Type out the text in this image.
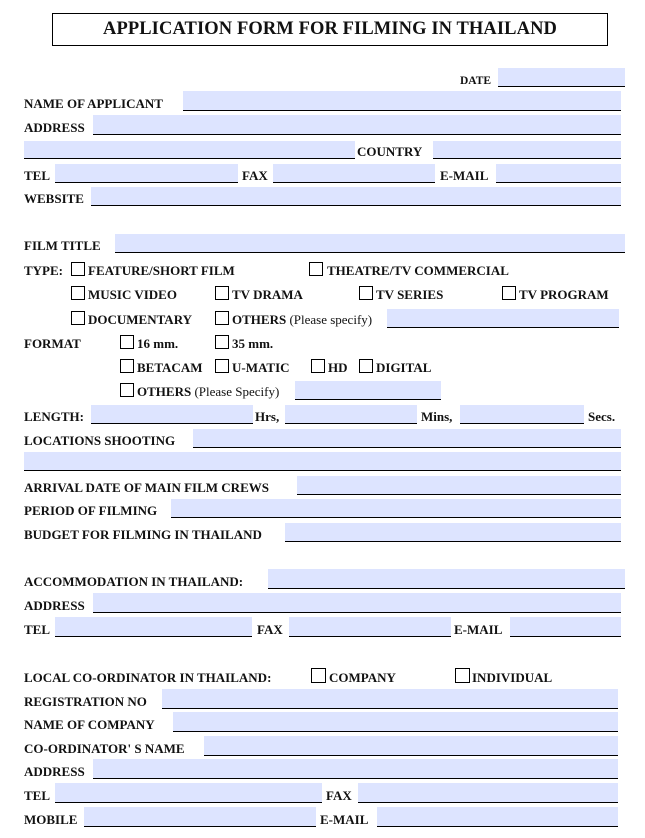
APPLICATION FORM FOR FILMING IN THAILAND
DATE
NAME OF APPLICANT
ADDRESS
COUNTRY
TEL	FAX	E-MAIL
WEBSITE
FILM TITLE
TYPE: FEATURE/SHORT FILM	THEATRE/TV COMMERCIAL
MUSIC VIDEO	TV DRAMA	TV SERIES	TV PROGRAM
DOCUMENTARY	OTHERS (Please specify)
FORMAT	16 mm.	35 mm.
BETACAM U-MATIC	HD DIGITAL
OTHERS (Please Specify)
LENGTH:	Hrs,	Mins,	Secs.
LOCATIONS SHOOTING
ARRIVAL DATE OF MAIN FILM CREWS
PERIOD OF FILMING
BUDGET FOR FILMING IN THAILAND
ACCOMMODATION IN THAILAND:
ADDRESS
TEL	FAX	E-MAIL
LOCAL CO-ORDINATOR IN THAILAND:	COMPANY	INDIVIDUAL
REGISTRATION NO
NAME OF COMPANY
CO-ORDINATOR' S NAME
ADDRESS
TEL	FAX
MOBILE	E-MAIL
